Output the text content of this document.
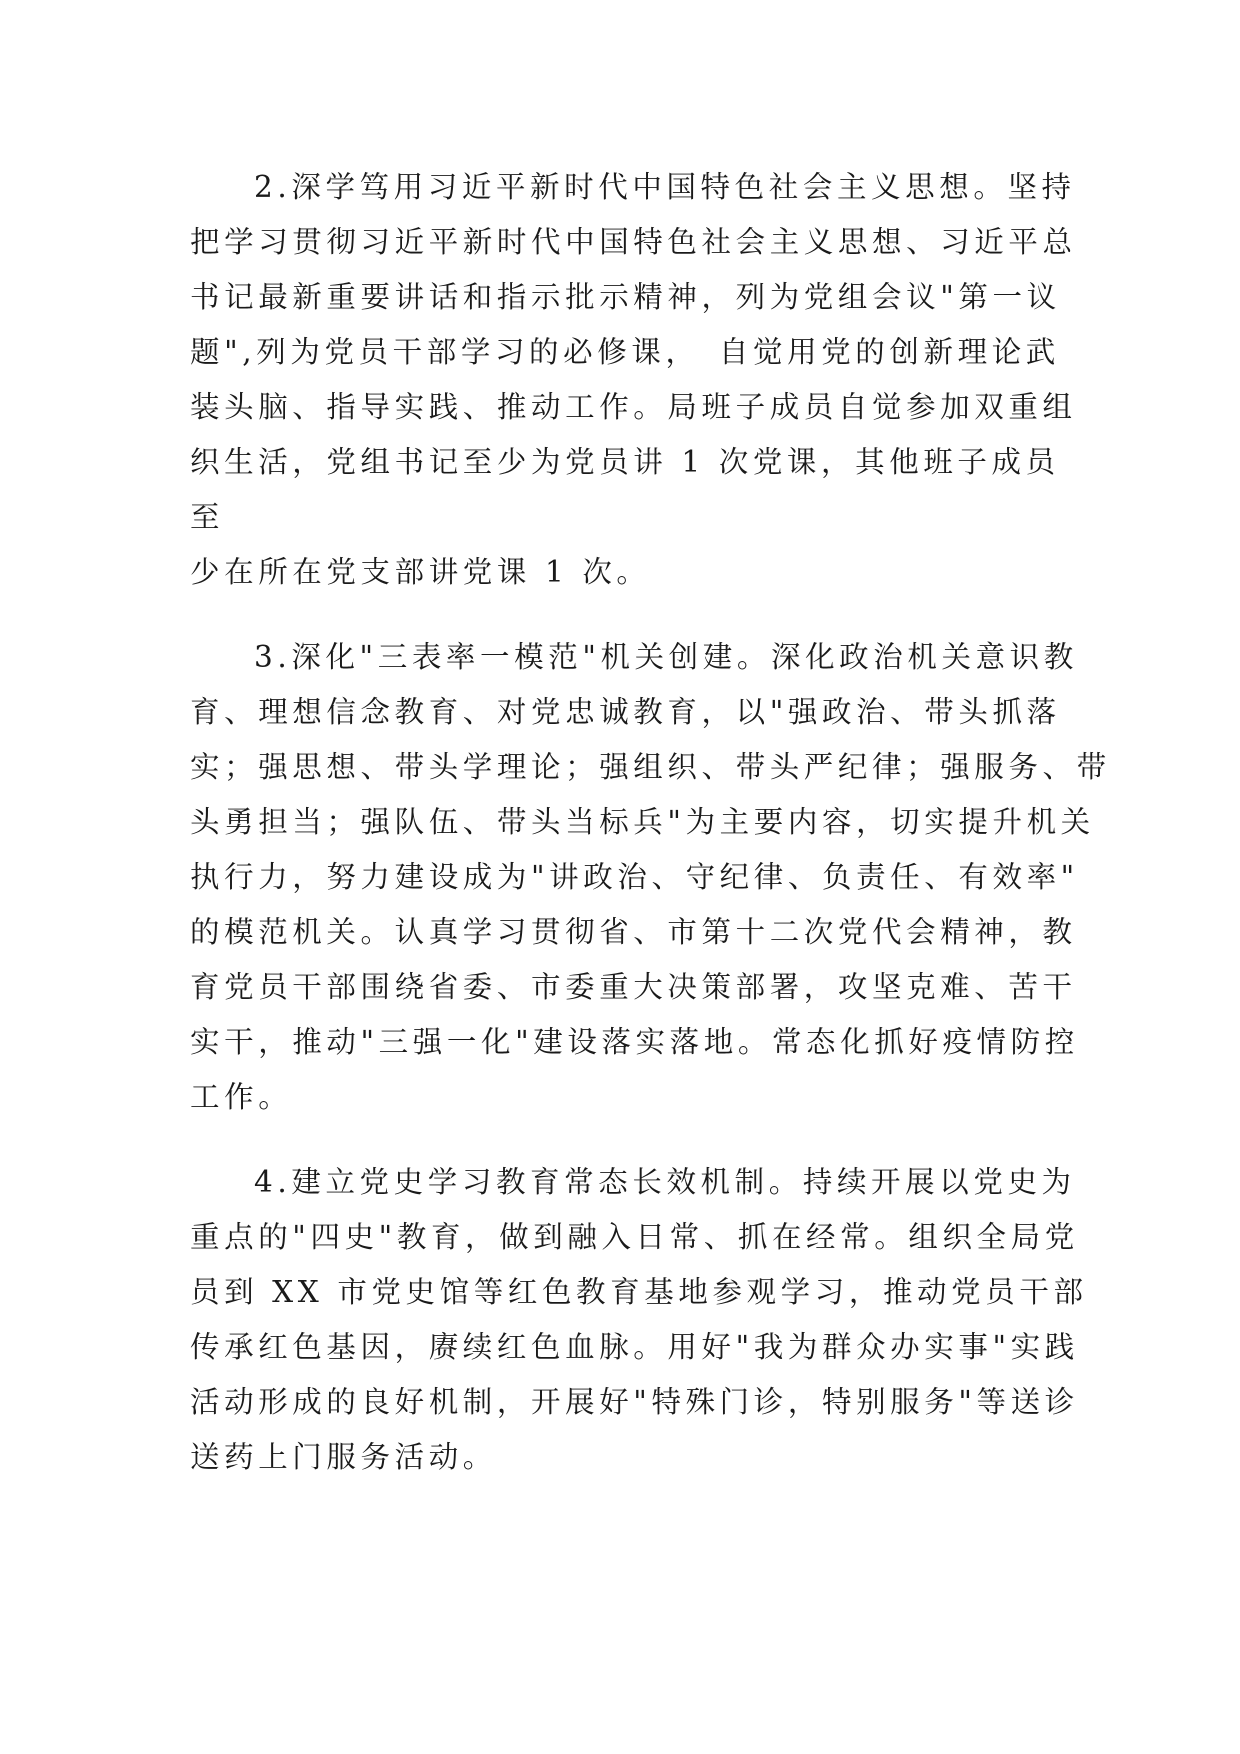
2.深学笃用习近平新时代中国特色社会主义思想。坚持
把学习贯彻习近平新时代中国特色社会主义思想、习近平总
书记最新重要讲话和指示批示精神，列为党组会议"第一议
题",列为党员干部学习的必修课，　自觉用党的创新理论武
装头脑、指导实践、推动工作。局班子成员自觉参加双重组
织生活，党组书记至少为党员讲 1 次党课，其他班子成员
至
少在所在党支部讲党课 1 次。
3.深化"三表率一模范"机关创建。深化政治机关意识教
育、理想信念教育、对党忠诚教育，以"强政治、带头抓落
实；强思想、带头学理论；强组织、带头严纪律；强服务、带
头勇担当；强队伍、带头当标兵"为主要内容，切实提升机关
执行力，努力建设成为"讲政治、守纪律、负责任、有效率"
的模范机关。认真学习贯彻省、市第十二次党代会精神，教
育党员干部围绕省委、市委重大决策部署，攻坚克难、苦干
实干，推动"三强一化"建设落实落地。常态化抓好疫情防控
工作。
4.建立党史学习教育常态长效机制。持续开展以党史为
重点的"四史"教育，做到融入日常、抓在经常。组织全局党
员到 XX 市党史馆等红色教育基地参观学习，推动党员干部
传承红色基因，赓续红色血脉。用好"我为群众办实事"实践
活动形成的良好机制，开展好"特殊门诊，特别服务"等送诊
送药上门服务活动。
